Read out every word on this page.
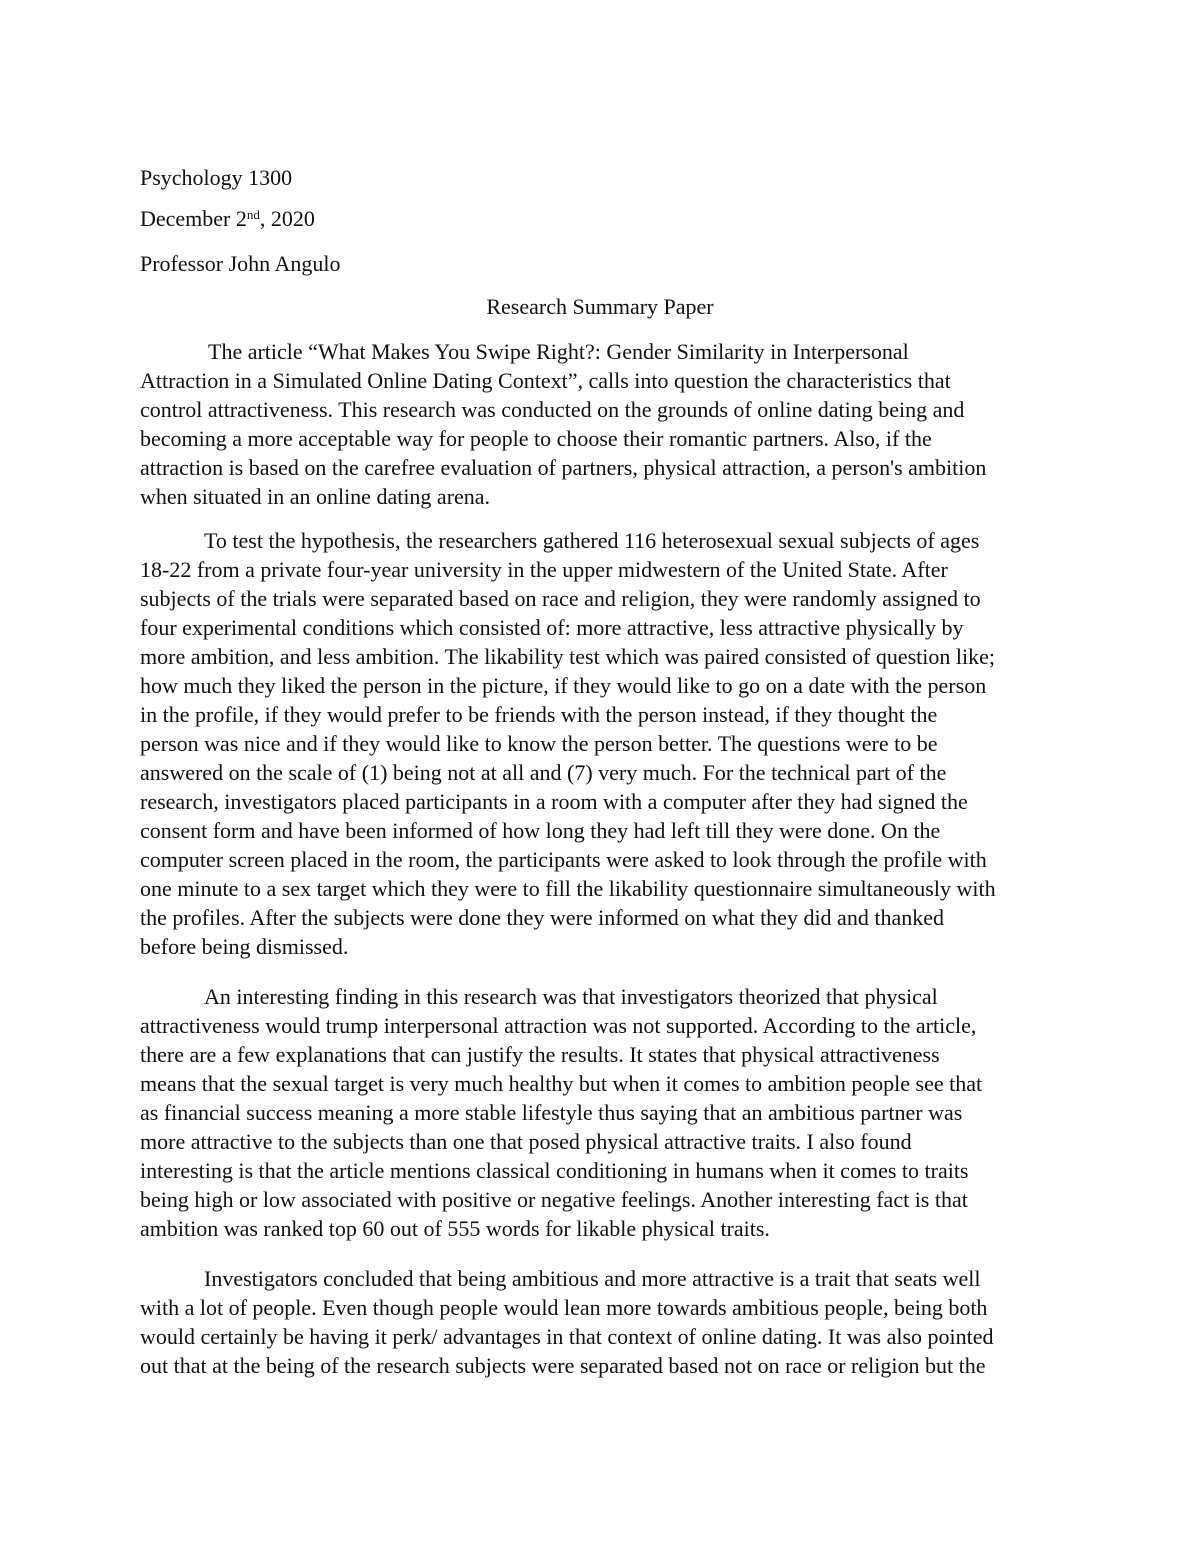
Psychology 1300
December 2nd, 2020
Professor John Angulo
Research Summary Paper

The article “What Makes You Swipe Right?: Gender Similarity in Interpersonal
Attraction in a Simulated Online Dating Context”, calls into question the characteristics that
control attractiveness. This research was conducted on the grounds of online dating being and
becoming a more acceptable way for people to choose their romantic partners. Also, if the
attraction is based on the carefree evaluation of partners, physical attraction, a person's ambition
when situated in an online dating arena.

To test the hypothesis, the researchers gathered 116 heterosexual sexual subjects of ages
18-22 from a private four-year university in the upper midwestern of the United State. After
subjects of the trials were separated based on race and religion, they were randomly assigned to
four experimental conditions which consisted of: more attractive, less attractive physically by
more ambition, and less ambition. The likability test which was paired consisted of question like;
how much they liked the person in the picture, if they would like to go on a date with the person
in the profile, if they would prefer to be friends with the person instead, if they thought the
person was nice and if they would like to know the person better. The questions were to be
answered on the scale of (1) being not at all and (7) very much. For the technical part of the
research, investigators placed participants in a room with a computer after they had signed the
consent form and have been informed of how long they had left till they were done. On the
computer screen placed in the room, the participants were asked to look through the profile with
one minute to a sex target which they were to fill the likability questionnaire simultaneously with
the profiles. After the subjects were done they were informed on what they did and thanked
before being dismissed.

An interesting finding in this research was that investigators theorized that physical
attractiveness would trump interpersonal attraction was not supported. According to the article,
there are a few explanations that can justify the results. It states that physical attractiveness
means that the sexual target is very much healthy but when it comes to ambition people see that
as financial success meaning a more stable lifestyle thus saying that an ambitious partner was
more attractive to the subjects than one that posed physical attractive traits. I also found
interesting is that the article mentions classical conditioning in humans when it comes to traits
being high or low associated with positive or negative feelings. Another interesting fact is that
ambition was ranked top 60 out of 555 words for likable physical traits.

Investigators concluded that being ambitious and more attractive is a trait that seats well
with a lot of people. Even though people would lean more towards ambitious people, being both
would certainly be having it perk/ advantages in that context of online dating. It was also pointed
out that at the being of the research subjects were separated based not on race or religion but the
